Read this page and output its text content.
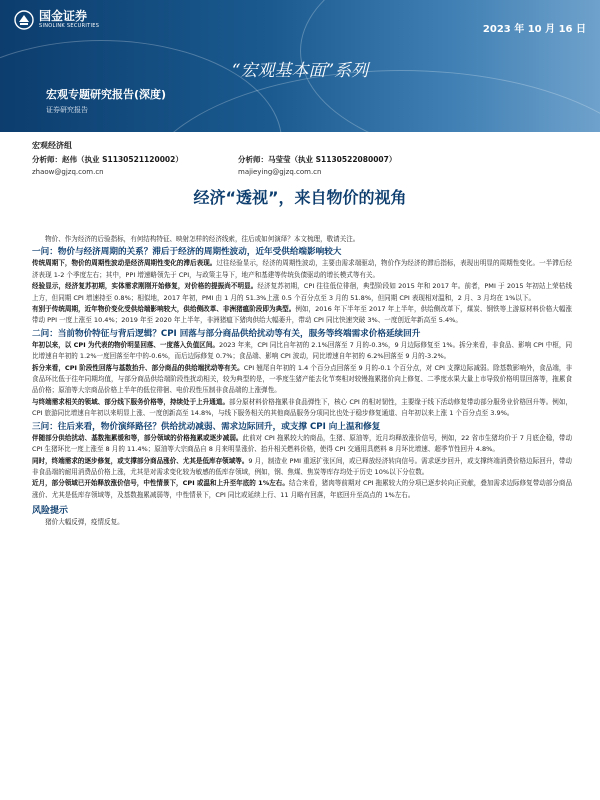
国金证券
SINOLINK SECURITIES	2023 年 10 月 16 日
“宏观基本面”系列
宏观专题研究报告(深度)
证券研究报告
宏观经济组
分析师：赵伟（执业 S1130521120002）
zhaow@gjzq.com.cn
分析师：马莹莹（执业 S1130522080007）
majieying@gjzq.com.cn
经济“透视”，来自物价的视角

物价、作为经济的后验指标，有何结构特征、映射怎样的经济线索，往后或如何演绎？本文梳理，敬请关注。

一问：物价与经济周期的关系？滞后于经济的周期性波动，近年受供给端影响较大

传统周期下，物价的周期性波动是经济周期性变化的滞后表现。过往经验显示，经济的周期性波动，主要由需求端驱动，物价作为经济的滞后指标，表现出明显的周期性变化。一半滞后经济表现 1-2 个季度左右；其中，PPI 增速略领先于 CPI，与政策主导下，地产和基建等传统负债驱动的增长模式等有关。

经验显示，经济复苏初期，实体需求刚刚开始修复，对价格的提振尚不明显。经济复苏初期，CPI 往往低位徘徊，典型阶段如 2015 年和 2017 年。前者，PMI 于 2015 年初站上荣枯线上方，但同期 CPI 增速持至 0.8%；相似地，2017 年初，PMI 由 1 月的 51.3%上涨 0.5 个百分点至 3 月的 51.8%，但同期 CPI 表现相对温和，2 月、3 月均在 1%以下。

有别于传统周期，近年物价变化受供给端影响较大，供给侧改革、非洲猪瘟阶段即为典型。例如，2016 年下半年至 2017 年上半年，供给侧改革下，煤炭、钢铁等上游原材料价格大幅涨带动 PPI 一度上涨至 10.4%；2019 年至 2020 年上半年，非洲猪瘟下猪肉供给大幅萎升，带动 CPI 同比快速突破 3%、一度创近年新高至 5.4%。

二问：当前物价特征与背后逻辑？CPI 回落与部分商品供给扰动等有关，服务等终端需求价格延续回升

年初以来，以 CPI 为代表的物价明显回落、一度落入负值区间。2023 年来，CPI 同比自年初的 2.1%回落至 7 月的-0.3%，9 月边际修复至 1%。拆分来看，非食品、影响 CPI 中枢，同比增速自年初的 1.2%一度回落至年中的-0.6%，而后边际修复 0.7%；食品端、影响 CPI 波动，同比增速自年初的 6.2%回落至 9 月的-3.2%。

拆分来看，CPI 阶段性回落与基数抬升、部分商品的供给端扰动等有关。CPI 翘尾自年初的 1.4 个百分点回落至 9 月的-0.1 个百分点，对 CPI 支撑边际减弱。除基数影响外，食品端，非食品环比低于往年同期均值，与部分商品供给端阶段性扰动相关，较为典型的是，一季度生猪产能去化节奏相对较慢拖累猪价向上修复、二季度水果大量上市导致价格明显回落等，拖累食品价格；原油等大宗商品价格上半年的低位徘徊、电价段性压制非食品端的上涨弹性。

与终端需求相关的领域、部分线下服务价格等，持续处于上升通道。部分原材料价格拖累非食品弹性下，核心 CPI 的相对韧性，主要缘于线下活动修复带动部分服务业价格回升等。例如，CPI 旅游同比增速自年初以来明显上涨、一度创新高至 14.8%，与线下服务相关的其他商品服务分项同比也处于稳步修复通道、自年初以来上涨 1 个百分点至 3.9%。

三问：往后来看，物价演绎路径？供给扰动减弱、需求边际回升，或支撑 CPI 向上温和修复

伴随部分供给扰动、基数拖累缓和等，部分领域的价格拖累或逐步减弱。此前对 CPI 拖累较大的商品，生猪、原油等，近月均释放涨价信号，例如，22 省市生猪均价于 7 月底企稳，带动 CPI 生猪环比一度上涨至 8 月的 11.4%；原油等大宗商品自 8 月来明显涨价、抬升相关燃料价格，使得 CPI 交通用具燃料 8 月环比增速、超季节性回升 4.8%。

同时，终端需求的逐步修复，或支撑部分商品涨价、尤其是低库存领域等。9 月，制造业 PMI 重返扩张区间，或已释放经济转向信号。需求逐步回升，或支撑终端消费价格边际回升，带动非食品端的耐用消费品价格上涨，尤其是对需求变化较为敏感的低库存领域，例如，钢、焦煤、焦炭等库存均处于历史 10%以下分位数。

近月，部分领域已开始释放涨价信号，中性情景下，CPI 或温和上升至年底的 1%左右。结合来看，猪肉等前期对 CPI 拖累较大的分项已逐步转向正贡献，叠加需求边际修复带动部分商品涨价、尤其是低库存领域等，及基数拖累减弱等，中性情景下，CPI 同比或延续上行、11 月略有回落，年底回升至高点的 1%左右。

风险提示

猪价大幅反弹，疫情反复。
